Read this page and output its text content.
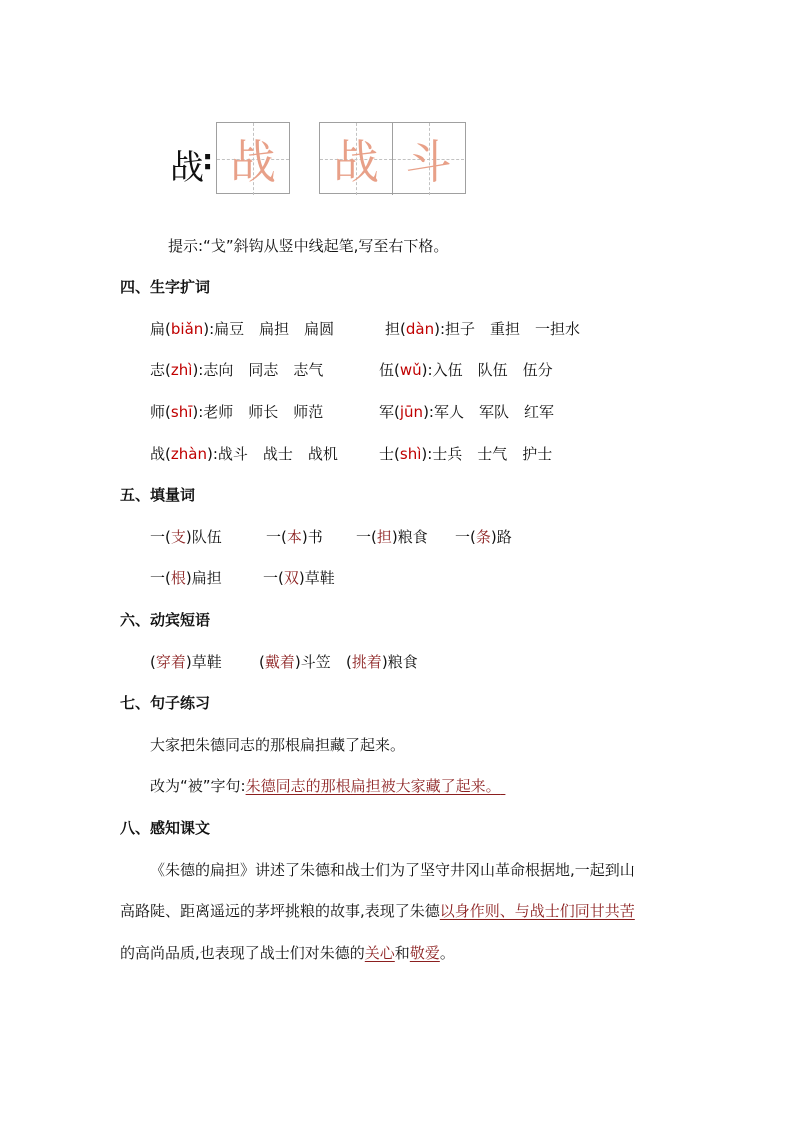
战
: 战 战 斗
提示:“戈”斜钩从竖中线起笔,写至右下格。
四、生字扩词
扁(biǎn):扁豆　扁担　扁圆	担(dàn):担子　重担　一担水
志(zhì):志向　同志　志气	伍(wǔ):入伍　队伍　伍分
师(shī):老师　师长　师范	军(jūn):军人　军队　红军
战(zhàn):战斗　战士　战机	士(shì):士兵　士气　护士
五、填量词
一(支)队伍	一(本)书 一(担)粮食 一(条)路
一(根)扁担	一(双)草鞋
六、动宾短语
(穿着)草鞋 (戴着)斗笠 (挑着)粮食
七、句子练习
大家把朱德同志的那根扁担藏了起来。
改为“被”字句:朱德同志的那根扁担被大家藏了起来。
八、感知课文
《朱德的扁担》讲述了朱德和战士们为了坚守井冈山革命根据地,一起到山
高路陡、距离遥远的茅坪挑粮的故事,表现了朱德以身作则、与战士们同甘共苦
的高尚品质,也表现了战士们对朱德的关心和敬爱。
